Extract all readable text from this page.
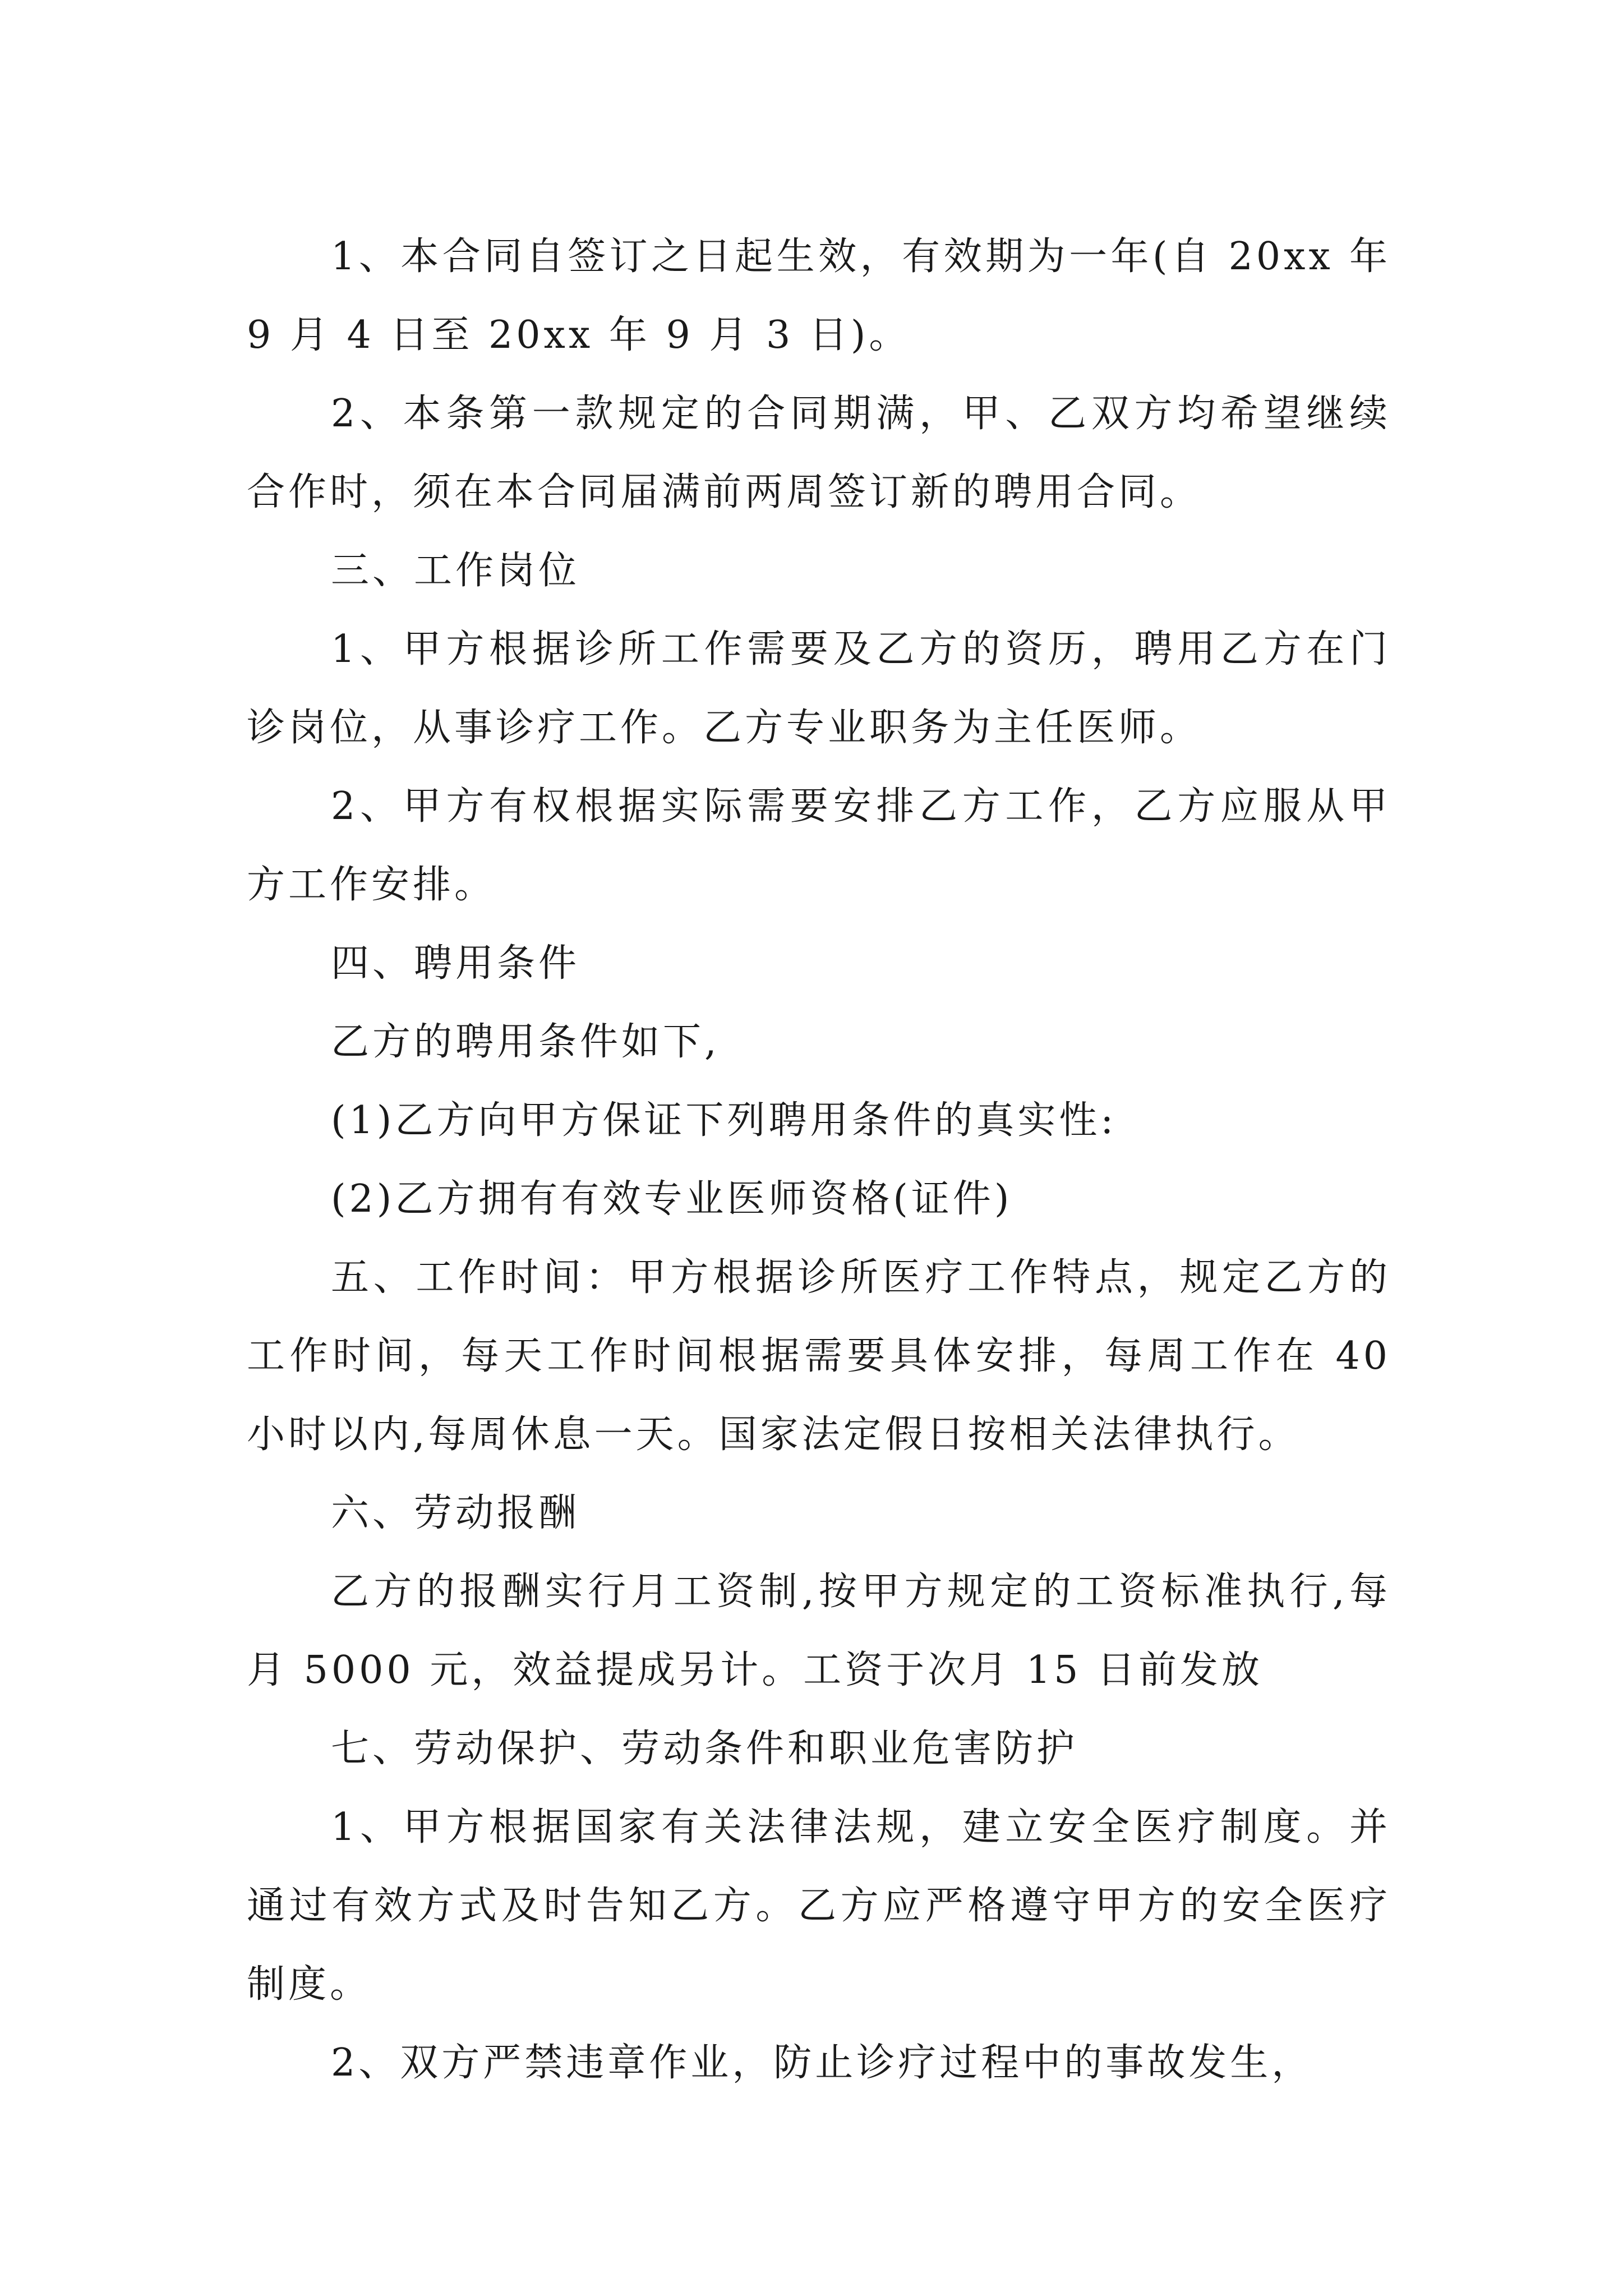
1、本合同自签订之日起生效，有效期为一年(自 20xx 年 9 月 4 日至 20xx 年 9 月 3 日)。

2、本条第一款规定的合同期满，甲、乙双方均希望继续合作时，须在本合同届满前两周签订新的聘用合同。

三、工作岗位

1、甲方根据诊所工作需要及乙方的资历，聘用乙方在门诊岗位，从事诊疗工作。乙方专业职务为主任医师。

2、甲方有权根据实际需要安排乙方工作，乙方应服从甲方工作安排。

四、聘用条件

乙方的聘用条件如下,

(1)乙方向甲方保证下列聘用条件的真实性:

(2)乙方拥有有效专业医师资格(证件)

五、工作时间：甲方根据诊所医疗工作特点，规定乙方的工作时间，每天工作时间根据需要具体安排，每周工作在 40 小时以内,每周休息一天。国家法定假日按相关法律执行。

六、劳动报酬

乙方的报酬实行月工资制,按甲方规定的工资标准执行,每月 5000 元，效益提成另计。工资于次月 15 日前发放

七、劳动保护、劳动条件和职业危害防护

1、甲方根据国家有关法律法规，建立安全医疗制度。并通过有效方式及时告知乙方。乙方应严格遵守甲方的安全医疗制度。

2、双方严禁违章作业，防止诊疗过程中的事故发生，
